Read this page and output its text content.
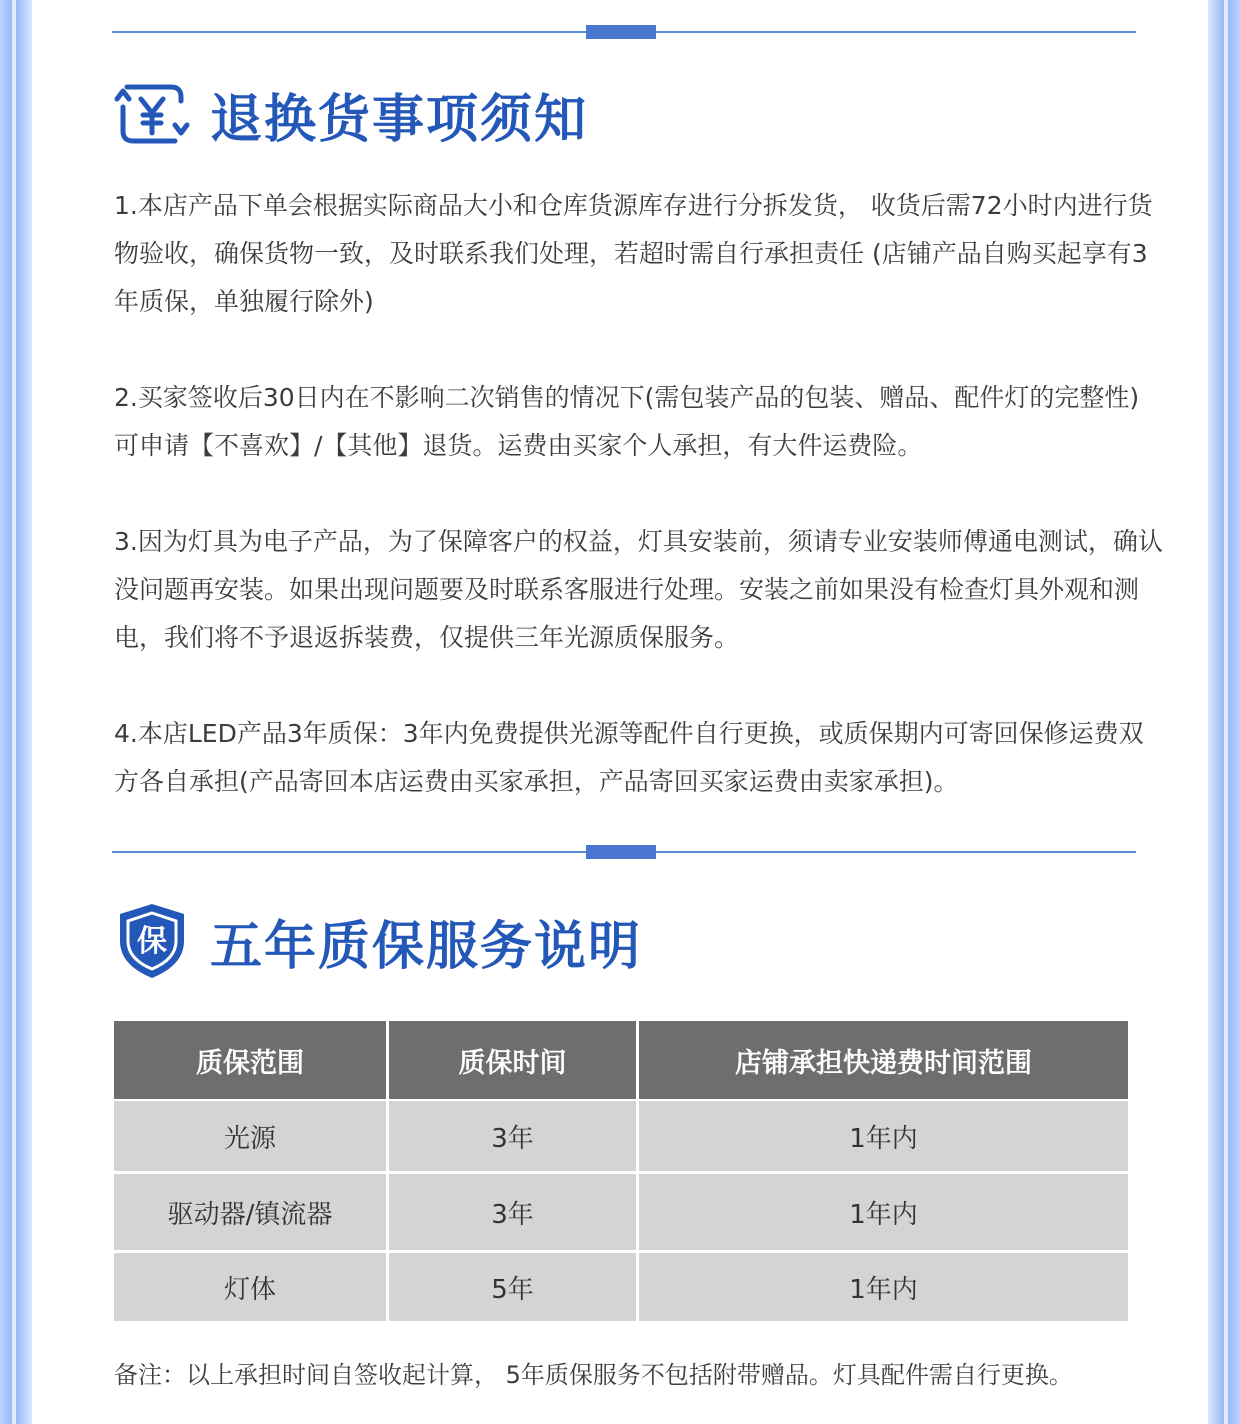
退换货事项须知

1.本店产品下单会根据实际商品大小和仓库货源库存进行分拆发货， 收货后需72小时内进行货物验收，确保货物一致，及时联系我们处理，若超时需自行承担责任 (店铺产品自购买起享有3年质保，单独履行除外)

2.买家签收后30日内在不影响二次销售的情况下(需包装产品的包装、赠品、配件灯的完整性)可申请【不喜欢】/【其他】退货。运费由买家个人承担，有大件运费险。

3.因为灯具为电子产品，为了保障客户的权益，灯具安装前，须请专业安装师傅通电测试，确认没问题再安装。如果出现问题要及时联系客服进行处理。安装之前如果没有检查灯具外观和测电，我们将不予退返拆装费，仅提供三年光源质保服务。

4.本店LED产品3年质保：3年内免费提供光源等配件自行更换，或质保期内可寄回保修运费双方各自承担(产品寄回本店运费由买家承担，产品寄回买家运费由卖家承担)。

保 五年质保服务说明
质保范围	质保时间	店铺承担快递费时间范围
光源	3年	1年内
驱动器/镇流器	3年	1年内
灯体	5年	1年内
备注：以上承担时间自签收起计算， 5年质保服务不包括附带赠品。灯具配件需自行更换。
